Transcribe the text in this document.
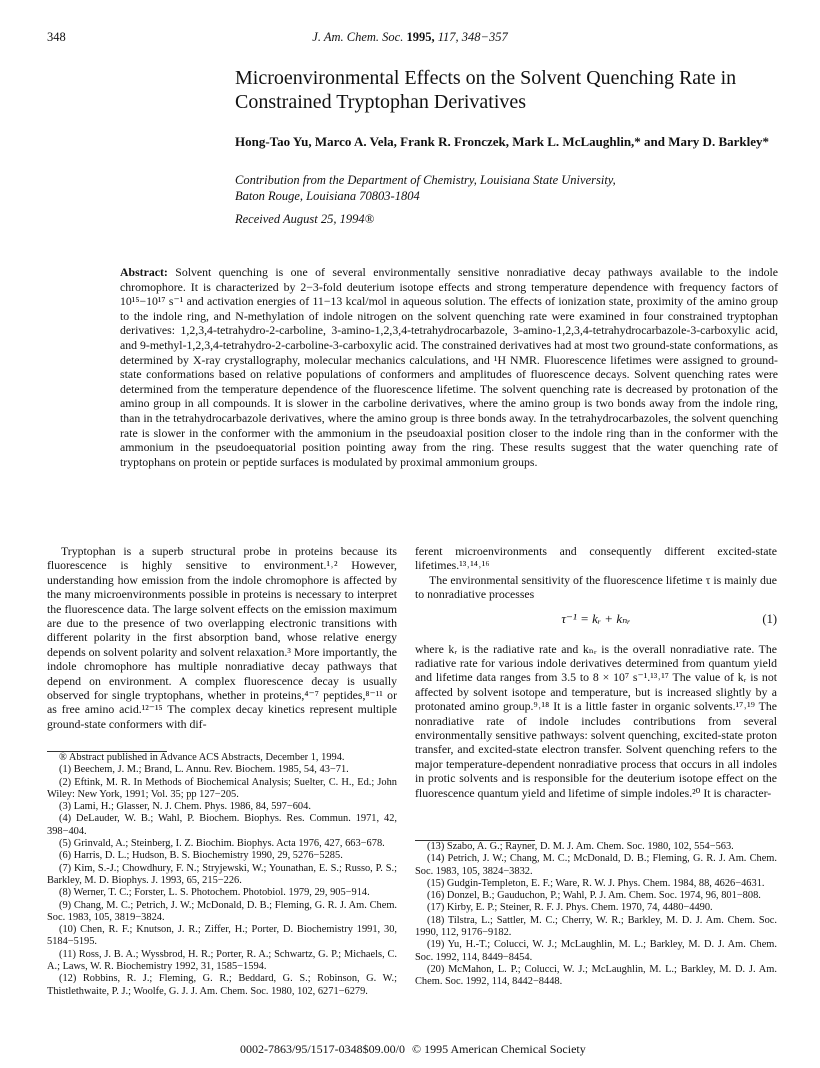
348	J. Am. Chem. Soc. 1995, 117, 348−357
Microenvironmental Effects on the Solvent Quenching Rate in Constrained Tryptophan Derivatives
Hong-Tao Yu, Marco A. Vela, Frank R. Fronczek, Mark L. McLaughlin,* and Mary D. Barkley*
Contribution from the Department of Chemistry, Louisiana State University,
Baton Rouge, Louisiana 70803-1804
Received August 25, 1994®
Abstract: Solvent quenching is one of several environmentally sensitive nonradiative decay pathways available to the indole chromophore. It is characterized by 2−3-fold deuterium isotope effects and strong temperature dependence with frequency factors of 10¹⁵−10¹⁷ s⁻¹ and activation energies of 11−13 kcal/mol in aqueous solution. The effects of ionization state, proximity of the amino group to the indole ring, and N-methylation of indole nitrogen on the solvent quenching rate were examined in four constrained tryptophan derivatives: 1,2,3,4-tetrahydro-2-carboline, 3-amino-1,2,3,4-tetrahydrocarbazole, 3-amino-1,2,3,4-tetrahydrocarbazole-3-carboxylic acid, and 9-methyl-1,2,3,4-tetrahydro-2-carboline-3-carboxylic acid. The constrained derivatives had at most two ground-state conformations, as determined by X-ray crystallography, molecular mechanics calculations, and ¹H NMR. Fluorescence lifetimes were assigned to ground-state conformations based on relative populations of conformers and amplitudes of fluorescence decays. Solvent quenching rates were determined from the temperature dependence of the fluorescence lifetime. The solvent quenching rate is decreased by protonation of the amino group in all compounds. It is slower in the carboline derivatives, where the amino group is two bonds away from the indole ring, than in the tetrahydrocarbazole derivatives, where the amino group is three bonds away. In the tetrahydrocarbazoles, the solvent quenching rate is slower in the conformer with the ammonium in the pseudoaxial position closer to the indole ring than in the conformer with the ammonium in the pseudoequatorial position pointing away from the ring. These results suggest that the water quenching rate of tryptophans on protein or peptide surfaces is modulated by proximal ammonium groups.

Tryptophan is a superb structural probe in proteins because its fluorescence is highly sensitive to environment.¹˒² However, understanding how emission from the indole chromophore is affected by the many microenvironments possible in proteins is necessary to interpret the fluorescence data. The large solvent effects on the emission maximum are due to the presence of two overlapping electronic transitions with different polarity in the first absorption band, whose relative energy depends on solvent polarity and solvent relaxation.³ More importantly, the indole chromophore has multiple nonradiative decay pathways that depend on environment. A complex fluorescence decay is usually observed for single tryptophans, whether in proteins,⁴⁻⁷ peptides,⁸⁻¹¹ or as free amino acid.¹²⁻¹⁵ The complex decay kinetics represent multiple ground-state conformers with dif-

ferent microenvironments and consequently different excited-state lifetimes.¹³˒¹⁴˒¹⁶

The environmental sensitivity of the fluorescence lifetime τ is mainly due to nonradiative processes

τ⁻¹ = kᵣ + kₙᵣ	(1)

where kᵣ is the radiative rate and kₙᵣ is the overall nonradiative rate. The radiative rate for various indole derivatives determined from quantum yield and lifetime data ranges from 3.5 to 8 × 10⁷ s⁻¹.¹³˒¹⁷ The value of kᵣ is not affected by solvent isotope and temperature, but is increased slightly by a protonated amino group.⁹˒¹⁸ It is a little faster in organic solvents.¹⁷˒¹⁹ The nonradiative rate of indole includes contributions from several environmentally sensitive pathways: solvent quenching, excited-state proton transfer, and excited-state electron transfer. Solvent quenching refers to the major temperature-dependent nonradiative process that occurs in all indoles in protic solvents and is responsible for the deuterium isotope effect on the fluorescence quantum yield and lifetime of simple indoles.²⁰ It is character-

® Abstract published in Advance ACS Abstracts, December 1, 1994.
(1) Beechem, J. M.; Brand, L. Annu. Rev. Biochem. 1985, 54, 43−71.
(2) Eftink, M. R. In Methods of Biochemical Analysis; Suelter, C. H., Ed.; John Wiley: New York, 1991; Vol. 35; pp 127−205.
(3) Lami, H.; Glasser, N. J. Chem. Phys. 1986, 84, 597−604.
(4) DeLauder, W. B.; Wahl, P. Biochem. Biophys. Res. Commun. 1971, 42, 398−404.
(5) Grinvald, A.; Steinberg, I. Z. Biochim. Biophys. Acta 1976, 427, 663−678.
(6) Harris, D. L.; Hudson, B. S. Biochemistry 1990, 29, 5276−5285.
(7) Kim, S.-J.; Chowdhury, F. N.; Stryjewski, W.; Younathan, E. S.; Russo, P. S.; Barkley, M. D. Biophys. J. 1993, 65, 215−226.
(8) Werner, T. C.; Forster, L. S. Photochem. Photobiol. 1979, 29, 905−914.
(9) Chang, M. C.; Petrich, J. W.; McDonald, D. B.; Fleming, G. R. J. Am. Chem. Soc. 1983, 105, 3819−3824.
(10) Chen, R. F.; Knutson, J. R.; Ziffer, H.; Porter, D. Biochemistry 1991, 30, 5184−5195.
(11) Ross, J. B. A.; Wyssbrod, H. R.; Porter, R. A.; Schwartz, G. P.; Michaels, C. A.; Laws, W. R. Biochemistry 1992, 31, 1585−1594.
(12) Robbins, R. J.; Fleming, G. R.; Beddard, G. S.; Robinson, G. W.; Thistlethwaite, P. J.; Woolfe, G. J. J. Am. Chem. Soc. 1980, 102, 6271−6279.
(13) Szabo, A. G.; Rayner, D. M. J. Am. Chem. Soc. 1980, 102, 554−563.
(14) Petrich, J. W.; Chang, M. C.; McDonald, D. B.; Fleming, G. R. J. Am. Chem. Soc. 1983, 105, 3824−3832.
(15) Gudgin-Templeton, E. F.; Ware, R. W. J. Phys. Chem. 1984, 88, 4626−4631.
(16) Donzel, B.; Gauduchon, P.; Wahl, P. J. Am. Chem. Soc. 1974, 96, 801−808.
(17) Kirby, E. P.; Steiner, R. F. J. Phys. Chem. 1970, 74, 4480−4490.
(18) Tilstra, L.; Sattler, M. C.; Cherry, W. R.; Barkley, M. D. J. Am. Chem. Soc. 1990, 112, 9176−9182.
(19) Yu, H.-T.; Colucci, W. J.; McLaughlin, M. L.; Barkley, M. D. J. Am. Chem. Soc. 1992, 114, 8449−8454.
(20) McMahon, L. P.; Colucci, W. J.; McLaughlin, M. L.; Barkley, M. D. J. Am. Chem. Soc. 1992, 114, 8442−8448.
0002-7863/95/1517-0348$09.00/0 © 1995 American Chemical Society
